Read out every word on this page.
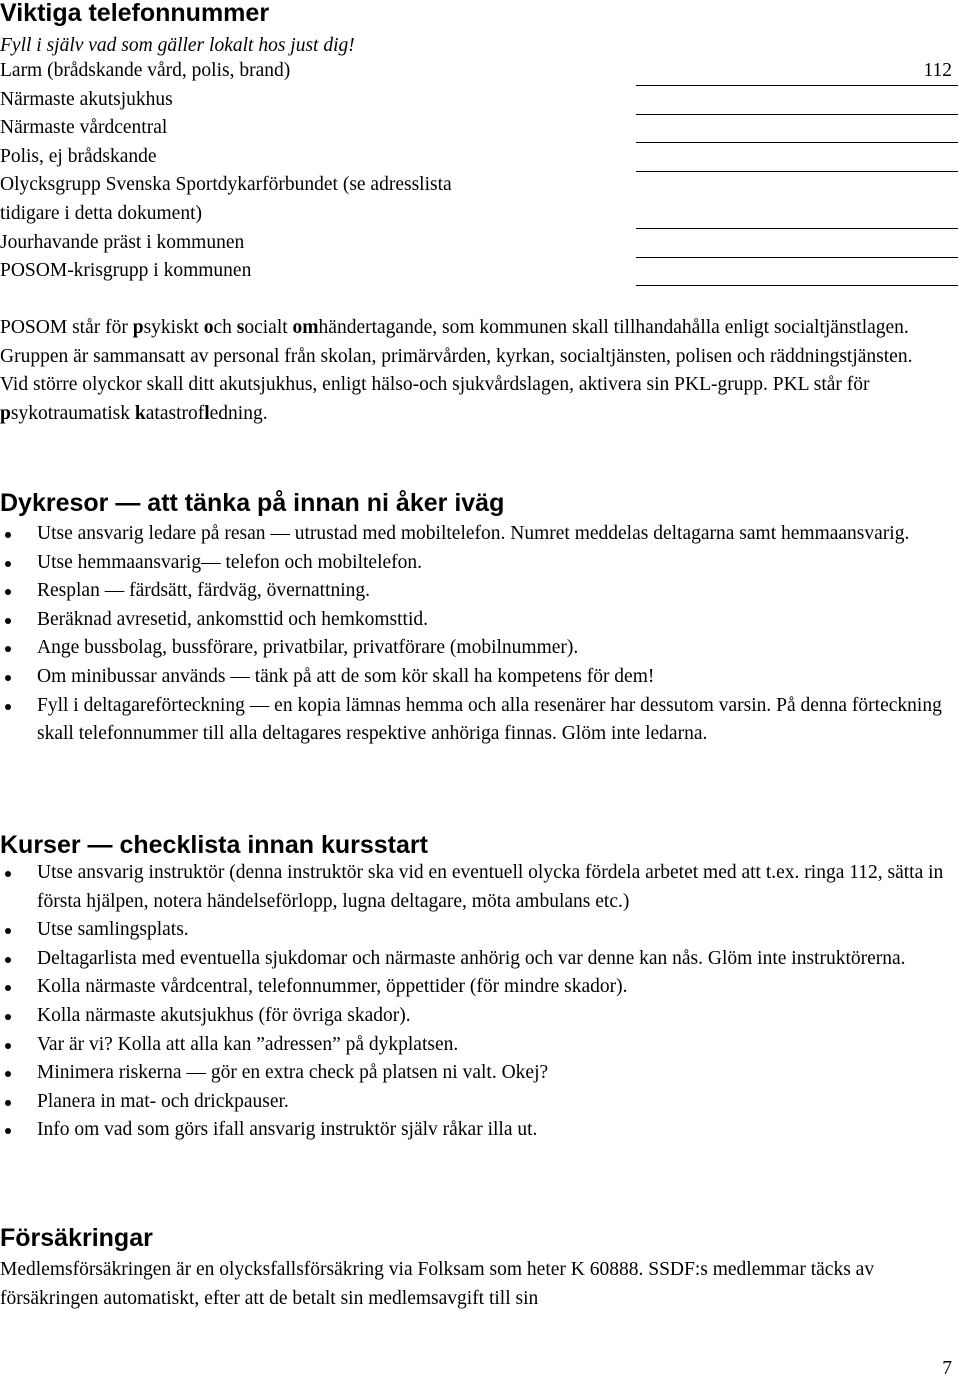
Viktiga telefonnummer
Fyll i själv vad som gäller lokalt hos just dig!
Larm (brådskande vård, polis, brand)	112
Närmaste akutsjukhus
Närmaste vårdcentral
Polis, ej brådskande
Olycksgrupp Svenska Sportdykarförbundet (se adresslista
tidigare i detta dokument)
Jourhavande präst i kommunen
POSOM-krisgrupp i kommunen

POSOM står för psykiskt och socialt omhändertagande, som kommunen skall tillhandahålla enligt socialtjänstlagen. Gruppen är sammansatt av personal från skolan, primärvården, kyrkan, socialtjänsten, polisen och räddningstjänsten. Vid större olyckor skall ditt akutsjukhus, enligt hälso-och sjukvårdslagen, aktivera sin PKL-grupp. PKL står för psykotraumatisk katastrofledning.

Dykresor — att tänka på innan ni åker iväg
Utse ansvarig ledare på resan — utrustad med mobiltelefon. Numret meddelas deltagarna samt hemmaansvarig.
Utse hemmaansvarig— telefon och mobiltelefon.
Resplan — färdsätt, färdväg, övernattning.
Beräknad avresetid, ankomsttid och hemkomsttid.
Ange bussbolag, bussförare, privatbilar, privatförare (mobilnummer).
Om minibussar används — tänk på att de som kör skall ha kompetens för dem!
Fyll i deltagareförteckning — en kopia lämnas hemma och alla resenärer har dessutom varsin. På denna förteckning skall telefonnummer till alla deltagares respektive anhöriga finnas. Glöm inte ledarna.
Kurser — checklista innan kursstart
Utse ansvarig instruktör (denna instruktör ska vid en eventuell olycka fördela arbetet med att t.ex. ringa 112, sätta in första hjälpen, notera händelseförlopp, lugna deltagare, möta ambulans etc.)
Utse samlingsplats.
Deltagarlista med eventuella sjukdomar och närmaste anhörig och var denne kan nås. Glöm inte instruktörerna.
Kolla närmaste vårdcentral, telefonnummer, öppettider (för mindre skador).
Kolla närmaste akutsjukhus (för övriga skador).
Var är vi? Kolla att alla kan ”adressen” på dykplatsen.
Minimera riskerna — gör en extra check på platsen ni valt. Okej?
Planera in mat- och drickpauser.
Info om vad som görs ifall ansvarig instruktör själv råkar illa ut.
Försäkringar

Medlemsförsäkringen är en olycksfallsförsäkring via Folksam som heter K 60888. SSDF:s medlemmar täcks av försäkringen automatiskt, efter att de betalt sin medlemsavgift till sin

7
